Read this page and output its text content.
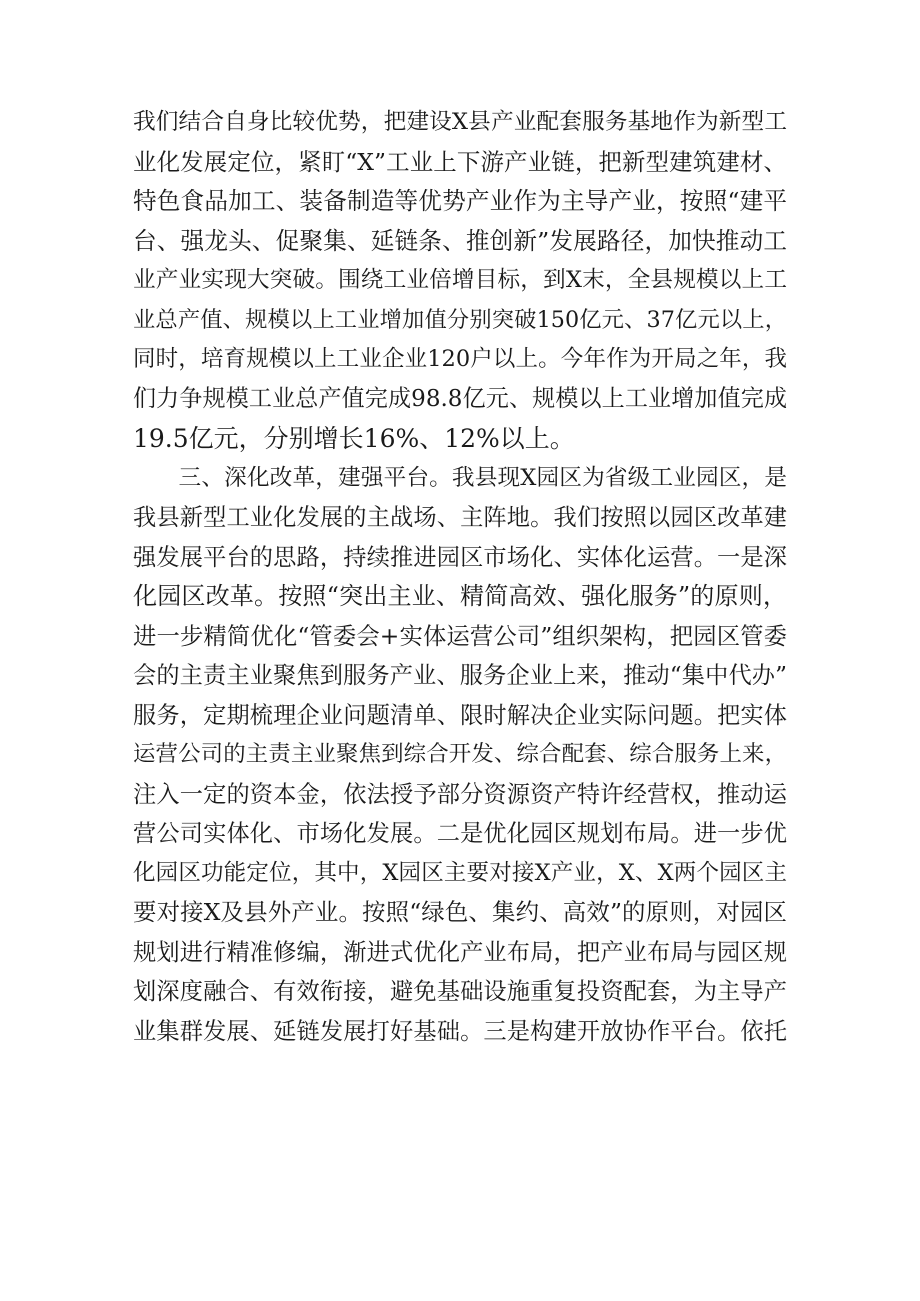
我们结合自身比较优势，把建设X县产业配套服务基地作为新型工
业化发展定位，紧盯“X”工业上下游产业链，把新型建筑建材、
特色食品加工、装备制造等优势产业作为主导产业，按照“建平
台、强龙头、促聚集、延链条、推创新”发展路径，加快推动工
业产业实现大突破。围绕工业倍增目标，到X末，全县规模以上工
业总产值、规模以上工业增加值分别突破150亿元、37亿元以上，
同时，培育规模以上工业企业120户以上。今年作为开局之年，我
们力争规模工业总产值完成98.8亿元、规模以上工业增加值完成
19.5亿元，分别增长16%、12%以上。
　　三、深化改革，建强平台。我县现X园区为省级工业园区，是
我县新型工业化发展的主战场、主阵地。我们按照以园区改革建
强发展平台的思路，持续推进园区市场化、实体化运营。一是深
化园区改革。按照“突出主业、精简高效、强化服务”的原则，
进一步精简优化“管委会+实体运营公司”组织架构，把园区管委
会的主责主业聚焦到服务产业、服务企业上来，推动“集中代办”
服务，定期梳理企业问题清单、限时解决企业实际问题。把实体
运营公司的主责主业聚焦到综合开发、综合配套、综合服务上来，
注入一定的资本金，依法授予部分资源资产特许经营权，推动运
营公司实体化、市场化发展。二是优化园区规划布局。进一步优
化园区功能定位，其中，X园区主要对接X产业，X、X两个园区主
要对接X及县外产业。按照“绿色、集约、高效”的原则，对园区
规划进行精准修编，渐进式优化产业布局，把产业布局与园区规
划深度融合、有效衔接，避免基础设施重复投资配套，为主导产
业集群发展、延链发展打好基础。三是构建开放协作平台。依托
